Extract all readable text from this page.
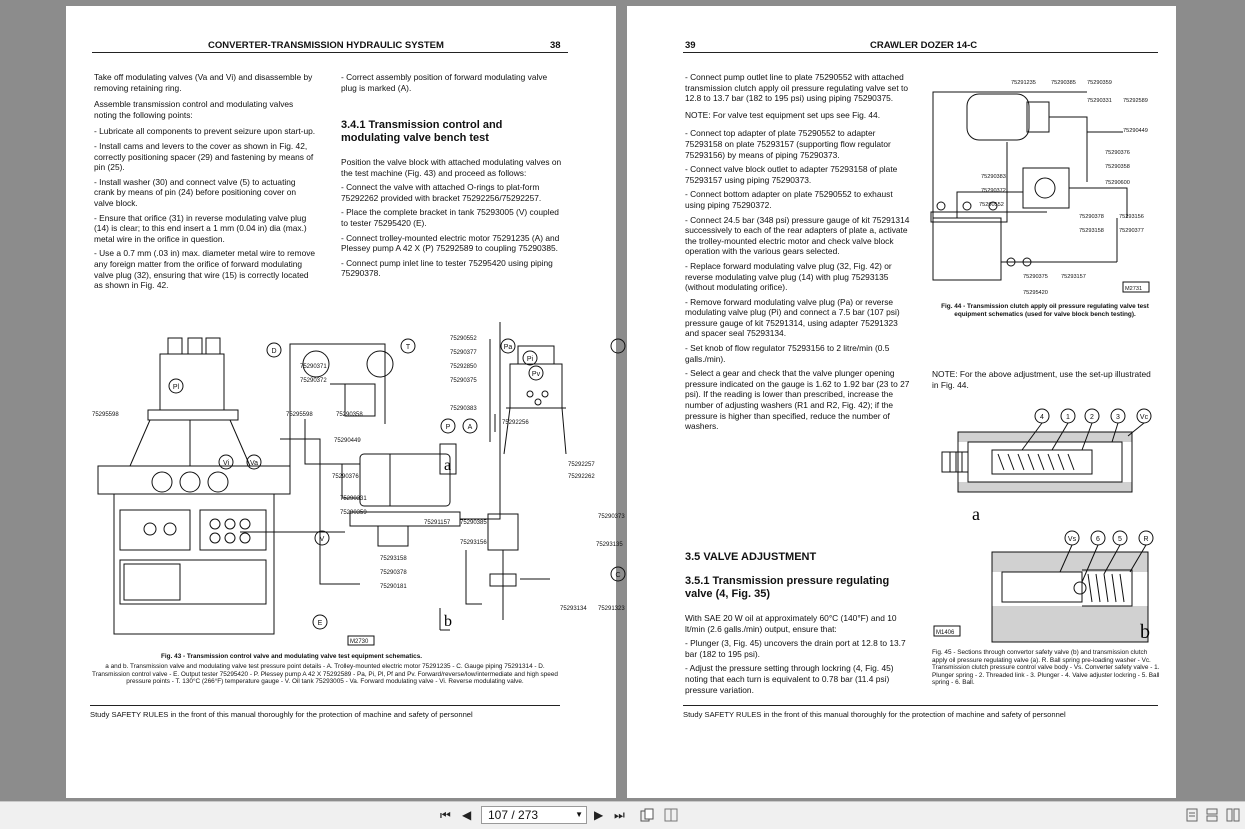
CONVERTER-TRANSMISSION HYDRAULIC SYSTEM	38

Take off modulating valves (Va and Vi) and disassemble by removing retaining ring.

Assemble transmission control and modulating valves noting the following points:

- Lubricate all components to prevent seizure upon start-up.

- Install cams and levers to the cover as shown in Fig. 42, correctly positioning spacer (29) and fastening by means of pin (25).

- Install washer (30) and connect valve (5) to actuating crank by means of pin (24) before positioning cover on valve block.

- Ensure that orifice (31) in reverse modulating valve plug (14) is clear; to this end insert a 1 mm (0.04 in) dia (max.) metal wire in the orifice in question.

- Use a 0.7 mm (.03 in) max. diameter metal wire to remove any foreign matter from the orifice of forward modulating valve plug (32), ensuring that wire (15) is correctly located as shown in Fig. 42.

- Correct assembly position of forward modulating valve plug is marked (A).

3.4.1 Transmission control and modulating valve bench test

Position the valve block with attached modulating valves on the test machine (Fig. 43) and proceed as follows:

- Connect the valve with attached O-rings to plat-form 75292262 provided with bracket 75292256/75292257.

- Place the complete bracket in tank 75293005 (V) coupled to tester 75295420 (E).

- Connect trolley-mounted electric motor 75291235 (A) and Plessey pump A 42 X (P) 75292589 to coupling 75290385.

- Connect pump inlet line to tester 75295420 using piping 75290378.

75290552
75290377
75292850
75290375
75290383
75290358
75290449
75290376
75290331
75290359
75290385
75293156
75293158
75290378
75290181
75291157
75290373
75293135
75293134 75291323
75292256
75292257
75292262
75290371
75290372
75295598	75295598
M2730
D
T
P A
Pa
Pi
Pv
Pl
Vi	Va
V
E
C
a
b
Fig. 43 - Transmission control valve and modulating valve test equipment schematics.
a and b. Transmission valve and modulating valve test pressure point details - A. Trolley-mounted electric motor 75291235 - C. Gauge piping 75291314 - D. Transmission control valve - E. Output tester 75295420 - P. Plessey pump A 42 X 75292589 - Pa, Pi, Pl, Pf and Pv. Forward/reverse/low/intermediate and high speed pressure points - T. 130°C (266°F) temperature gauge - V. Oil tank 75293005 - Va. Forward modulating valve - Vi. Reverse modulating valve.
Study SAFETY RULES in the front of this manual thoroughly for the protection of machine and safety of personnel
39	CRAWLER DOZER 14-C

- Connect pump outlet line to plate 75290552 with attached transmission clutch apply oil pressure regulating valve set to 12.8 to 13.7 bar (182 to 195 psi) using piping 75290375.

NOTE: For valve test equipment set ups see Fig. 44.

- Connect top adapter of plate 75290552 to adapter 75293158 on plate 75293157 (supporting flow regulator 75293156) by means of piping 75290373.

- Connect valve block outlet to adapter 75293158 of plate 75293157 using piping 75290373.

- Connect bottom adapter on plate 75290552 to exhaust using piping 75290372.

- Connect 24.5 bar (348 psi) pressure gauge of kit 75291314 successively to each of the rear adapters of plate a, activate the trolley-mounted electric motor and check valve block operation with the various gears selected.

- Replace forward modulating valve plug (32, Fig. 42) or reverse modulating valve plug (14) with plug 75293135 (without modulating orifice).

- Remove forward modulating valve plug (Pa) or reverse modulating valve plug (Pi) and connect a 7.5 bar (107 psi) pressure gauge of kit 75291314, using adapter 75291323 and spacer seal 75293134.

- Set knob of flow regulator 75293156 to 2 litre/min (0.5 galls./min).

- Select a gear and check that the valve plunger opening pressure indicated on the gauge is 1.62 to 1.92 bar (23 to 27 psi). If the reading is lower than prescribed, increase the number of adjusting washers (R1 and R2, Fig. 42); if the pressure is higher than specified, reduce the number of washers.

3.5 VALVE ADJUSTMENT
3.5.1 Transmission pressure regulating valve (4, Fig. 35)

With SAE 20 W oil at approximately 60°C (140°F) and 10 lt/min (2.6 galls./min) output, ensure that:

- Plunger (3, Fig. 45) uncovers the drain port at 12.8 to 13.7 bar (182 to 195 psi).

- Adjust the pressure setting through lockring (4, Fig. 45) noting that each turn is equivalent to 0.78 bar (11.4 psi) pressure variation.

75291235	75290385 75290359
75290331 75292589
75290449
75290376
75290358
75290600
75290383
75290372
75290552
75290378	75293156
75293158	75290377
75290375
75295420
75293157
M2731
Fig. 44 - Transmission clutch apply oil pressure regulating valve test equipment schematics (used for valve block bench testing).
NOTE: For the above adjustment, use the set-up illustrated in Fig. 44.
4	1	2	3	Vc
Vs	6	5	R
a
b
M1406
Fig. 45 - Sections through convertor safety valve (b) and transmission clutch apply oil pressure regulating valve (a). R. Ball spring pre-loading washer - Vc. Transmission clutch pressure control valve body - Vs. Converter safety valve - 1. Plunger spring - 2. Threaded link - 3. Plunger - 4. Valve adjuster lockring - 5. Ball spring - 6. Ball.
Study SAFETY RULES in the front of this manual thoroughly for the protection of machine and safety of personnel
⏮ ◀	107 / 273	▼ ▶ ⏭
